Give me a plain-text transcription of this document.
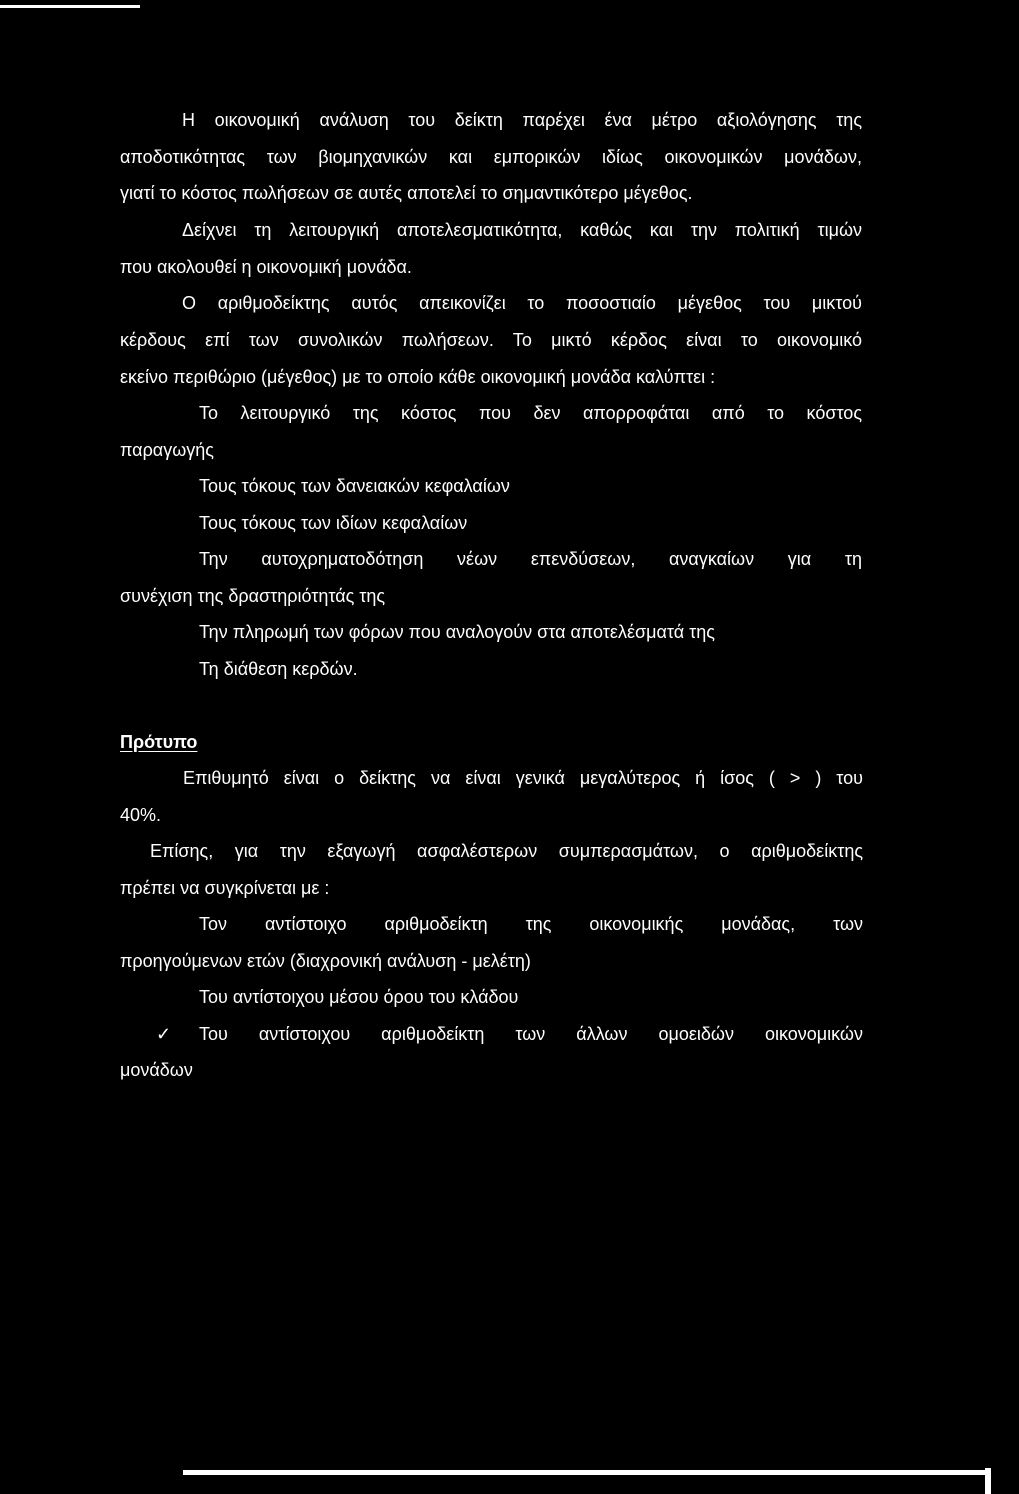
Η οικονομική ανάλυση του δείκτη παρέχει ένα μέτρο αξιολόγησης της

αποδοτικότητας των βιομηχανικών και εμπορικών ιδίως οικονομικών μονάδων,

γιατί το κόστος πωλήσεων σε αυτές αποτελεί το σημαντικότερο μέγεθος.

Δείχνει τη λειτουργική αποτελεσματικότητα, καθώς και την πολιτική τιμών

που ακολουθεί η οικονομική μονάδα.

Ο αριθμοδείκτης αυτός απεικονίζει το ποσοστιαίο μέγεθος του μικτού

κέρδους επί των συνολικών πωλήσεων. Το μικτό κέρδος είναι το οικονομικό

εκείνο περιθώριο (μέγεθος) με το οποίο κάθε οικονομική μονάδα καλύπτει :

Το λειτουργικό της κόστος που δεν απορροφάται από το κόστος

παραγωγής

Τους τόκους των δανειακών κεφαλαίων

Τους τόκους των ιδίων κεφαλαίων

Την αυτοχρηματοδότηση νέων επενδύσεων, αναγκαίων για τη

συνέχιση της δραστηριότητάς της

Την πληρωμή των φόρων που αναλογούν στα αποτελέσματά της

Τη διάθεση κερδών.

Πρότυπο

Επιθυμητό είναι ο δείκτης να είναι γενικά μεγαλύτερος ή ίσος ( > ) του

40%.

Επίσης, για την εξαγωγή ασφαλέστερων συμπερασμάτων, ο αριθμοδείκτης

πρέπει να συγκρίνεται με :

Τον αντίστοιχο αριθμοδείκτη της οικονομικής μονάδας, των

προηγούμενων ετών (διαχρονική ανάλυση - μελέτη)

Του αντίστοιχου μέσου όρου του κλάδου

✓ Του αντίστοιχου αριθμοδείκτη των άλλων ομοειδών οικονομικών

μονάδων
